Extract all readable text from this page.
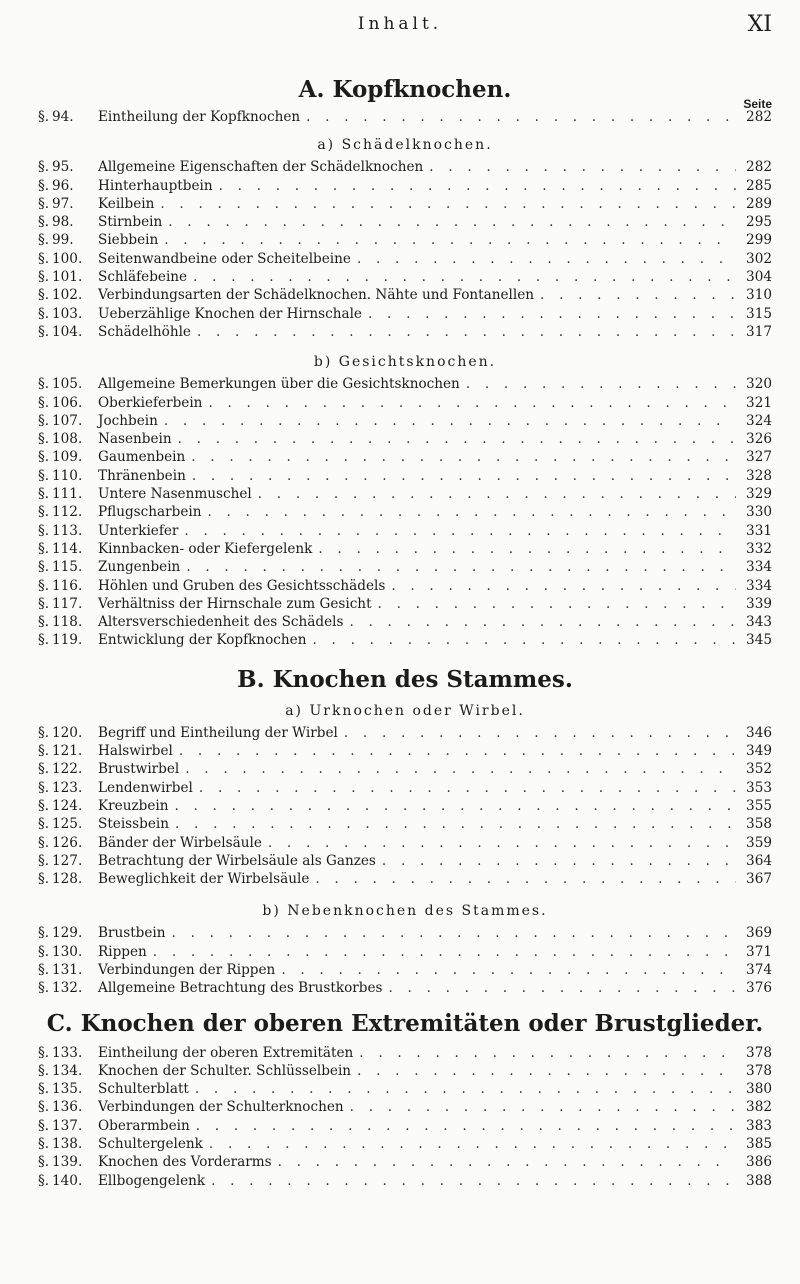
Inhalt.	XI
A. Kopfknochen.
Seite
§. 94.	Eintheilung der Kopfknochen . . .	282
a) Schädelknochen.
§. 95.	Allgemeine Eigenschaften der Schädelknochen . . .	282
§. 96.	Hinterhauptbein . . .	285
§. 97.	Keilbein . . .	289
§. 98.	Stirnbein . . .	295
§. 99.	Siebbein . . .	299
§. 100.	Seitenwandbeine oder Scheitelbeine . . .	302
§. 101.	Schläfebeine . . .	304
§. 102.	Verbindungsarten der Schädelknochen. Nähte und Fontanellen . . .	310
§. 103.	Ueberzählige Knochen der Hirnschale . . .	315
§. 104.	Schädelhöhle . . .	317
b) Gesichtsknochen.
§. 105.	Allgemeine Bemerkungen über die Gesichtsknochen . . .	320
§. 106.	Oberkieferbein . . .	321
§. 107.	Jochbein . . .	324
§. 108.	Nasenbein . . .	326
§. 109.	Gaumenbein . . .	327
§. 110.	Thränenbein . . .	328
§. 111.	Untere Nasenmuschel . . .	329
§. 112.	Pflugscharbein . . .	330
§. 113.	Unterkiefer . . .	331
§. 114.	Kinnbacken- oder Kiefergelenk . . .	332
§. 115.	Zungenbein . . .	334
§. 116.	Höhlen und Gruben des Gesichtsschädels . . .	334
§. 117.	Verhältniss der Hirnschale zum Gesicht . . .	339
§. 118.	Altersverschiedenheit des Schädels . . .	343
§. 119.	Entwicklung der Kopfknochen . . .	345
B. Knochen des Stammes.
a) Urknochen oder Wirbel.
§. 120.	Begriff und Eintheilung der Wirbel . . .	346
§. 121.	Halswirbel . . .	349
§. 122.	Brustwirbel . . .	352
§. 123.	Lendenwirbel . . .	353
§. 124.	Kreuzbein . . .	355
§. 125.	Steissbein . . .	358
§. 126.	Bänder der Wirbelsäule . . .	359
§. 127.	Betrachtung der Wirbelsäule als Ganzes . . .	364
§. 128.	Beweglichkeit der Wirbelsäule . . .	367
b) Nebenknochen des Stammes.
§. 129.	Brustbein . . .	369
§. 130.	Rippen . . .	371
§. 131.	Verbindungen der Rippen . . .	374
§. 132.	Allgemeine Betrachtung des Brustkorbes . . .	376
C. Knochen der oberen Extremitäten oder Brustglieder.
§. 133.	Eintheilung der oberen Extremitäten . . .	378
§. 134.	Knochen der Schulter. Schlüsselbein . . .	378
§. 135.	Schulterblatt . . .	380
§. 136.	Verbindungen der Schulterknochen . . .	382
§. 137.	Oberarmbein . . .	383
§. 138.	Schultergelenk . . .	385
§. 139.	Knochen des Vorderarms . . .	386
§. 140.	Ellbogengelenk . . .	388
